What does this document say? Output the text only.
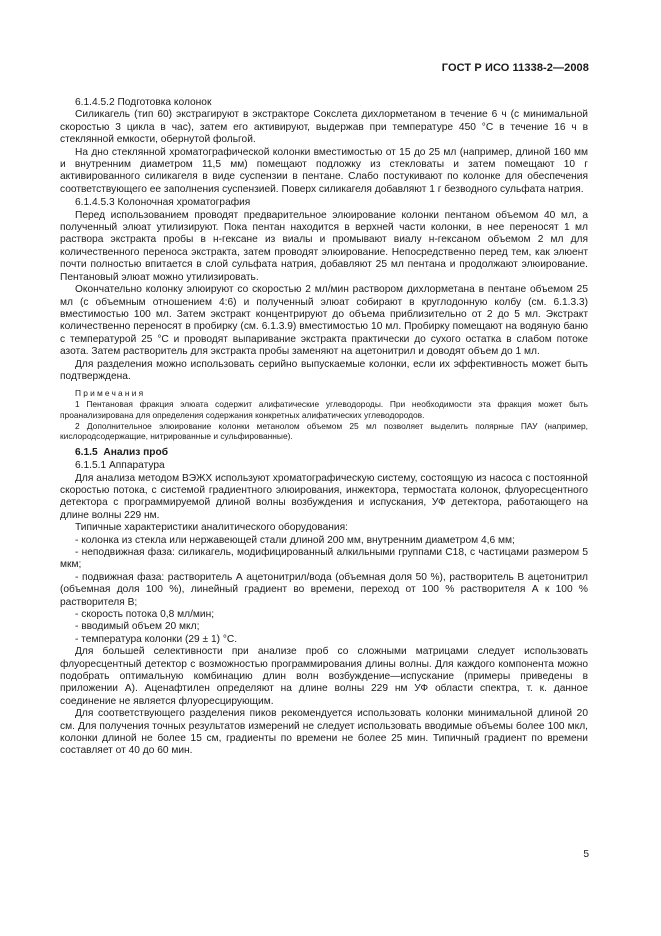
ГОСТ Р ИСО 11338-2—2008

6.1.4.5.2 Подготовка колонок

Силикагель (тип 60) экстрагируют в экстракторе Сокслета дихлорметаном в течение 6 ч (с минимальной скоростью 3 цикла в час), затем его активируют, выдержав при температуре 450 °С в течение 16 ч в стеклянной емкости, обернутой фольгой.

На дно стеклянной хроматографической колонки вместимостью от 15 до 25 мл (например, длиной 160 мм и внутренним диаметром 11,5 мм) помещают подложку из стекловаты и затем помещают 10 г активированного силикагеля в виде суспензии в пентане. Слабо постукивают по колонке для обеспечения соответствующего ее заполнения суспензией. Поверх силикагеля добавляют 1 г безводного сульфата натрия.

6.1.4.5.3 Колоночная хроматография

Перед использованием проводят предварительное элюирование колонки пентаном объемом 40 мл, а полученный элюат утилизируют. Пока пентан находится в верхней части колонки, в нее переносят 1 мл раствора экстракта пробы в н-гексане из виалы и промывают виалу н-гексаном объемом 2 мл для количественного переноса экстракта, затем проводят элюирование. Непосредственно перед тем, как элюент почти полностью впитается в слой сульфата натрия, добавляют 25 мл пентана и продолжают элюирование. Пентановый элюат можно утилизировать.

Окончательно колонку элюируют со скоростью 2 мл/мин раствором дихлорметана в пентане объемом 25 мл (с объемным отношением 4:6) и полученный элюат собирают в круглодонную колбу (см. 6.1.3.3) вместимостью 100 мл. Затем экстракт концентрируют до объема приблизительно от 2 до 5 мл. Экстракт количественно переносят в пробирку (см. 6.1.3.9) вместимостью 10 мл. Пробирку помещают на водяную баню с температурой 25 °С и проводят выпаривание экстракта практически до сухого остатка в слабом потоке азота. Затем растворитель для экстракта пробы заменяют на ацетонитрил и доводят объем до 1 мл.

Для разделения можно использовать серийно выпускаемые колонки, если их эффективность может быть подтверждена.

Примечания

1 Пентановая фракция элюата содержит алифатические углеводороды. При необходимости эта фракция может быть проанализирована для определения содержания конкретных алифатических углеводородов.

2 Дополнительное элюирование колонки метанолом объемом 25 мл позволяет выделить полярные ПАУ (например, кислородсодержащие, нитрированные и сульфированные).

6.1.5 Анализ проб

6.1.5.1 Аппаратура

Для анализа методом ВЭЖХ используют хроматографическую систему, состоящую из насоса с постоянной скоростью потока, с системой градиентного элюирования, инжектора, термостата колонок, флуоресцентного детектора с программируемой длиной волны возбуждения и испускания, УФ детектора, работающего на длине волны 229 нм.

Типичные характеристики аналитического оборудования:

- колонка из стекла или нержавеющей стали длиной 200 мм, внутренним диаметром 4,6 мм;

- неподвижная фаза: силикагель, модифицированный алкильными группами С18, с частицами размером 5 мкм;

- подвижная фаза: растворитель А ацетонитрил/вода (объемная доля 50 %), растворитель В ацетонитрил (объемная доля 100 %), линейный градиент во времени, переход от 100 % растворителя А к 100 % растворителя В;

- скорость потока 0,8 мл/мин;

- вводимый объем 20 мкл;

- температура колонки (29 ± 1) °С.

Для большей селективности при анализе проб со сложными матрицами следует использовать флуоресцентный детектор с возможностью программирования длины волны. Для каждого компонента можно подобрать оптимальную комбинацию длин волн возбуждение—испускание (примеры приведены в приложении А). Аценафтилен определяют на длине волны 229 нм УФ области спектра, т. к. данное соединение не является флуоресцирующим.

Для соответствующего разделения пиков рекомендуется использовать колонки минимальной длиной 20 см. Для получения точных результатов измерений не следует использовать вводимые объемы более 100 мкл, колонки длиной не более 15 см, градиенты по времени не более 25 мин. Типичный градиент по времени составляет от 40 до 60 мин.

5
